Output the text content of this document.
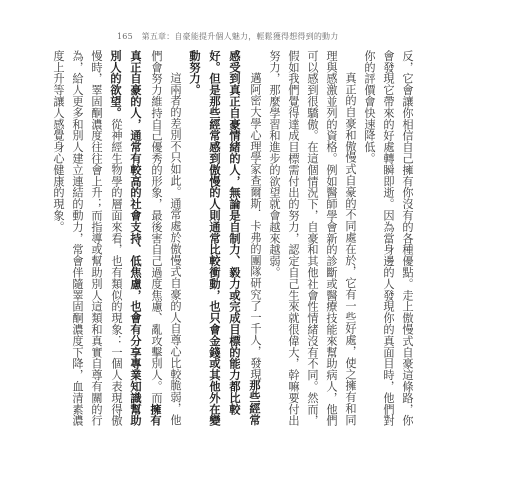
165 第五章：自豪能提升個人魅力，輕鬆獲得想得到的動力

反，它會讓你相信自己擁有你沒有的各種優點。走上傲慢式自豪這條路，你會發現它帶來的好處轉瞬即逝。因為當身邊的人發現你的真面目時，他們對你的評價會快速降低。

真正的自豪和傲慢式自豪的不同處在於，它有一些好處，使之擁有和同理與感激並列的資格。例如醫師學會新的診斷或醫療技能來幫助病人，他們可以感到很驕傲。在這個情況下，自豪和其他社會性情緒沒有不同。然而，假如我們覺得達成目標需付出的努力，認定自己生來就很偉大，幹嘛要付出努力，那麼學習和進步的欲望就會越來越弱。

邁阿密大學心理學家查爾斯．卡弗的團隊研究了一千人，發現那些經常感受到真正自豪情緒的人，無論是自制力、毅力或完成目標的能力都比較好。但是那些經常感到傲慢的人則通常比較衝動，也只會金錢或其他外在變動努力。

這兩者的差別不只如此。通常處於傲慢式自豪的人自尊心比較脆弱，他們會努力維持自己優秀的形象，最後害自己過度焦慮、亂攻擊別人。而擁有真正自豪的人，通常有較高的社會支持、低焦慮，也會有分享專業知識幫助別人的欲望。從神經生物學的層面來看，也有類似的現象：一個人表現得傲慢時，睪固酮濃度往往會上升；而指導或幫助別人這類和真實自尊有關的行為，給人更多和別人建立連結的動力，常會伴隨睪固酮濃度下降，血清素濃度上升等讓人感覺身心健康的現象。
